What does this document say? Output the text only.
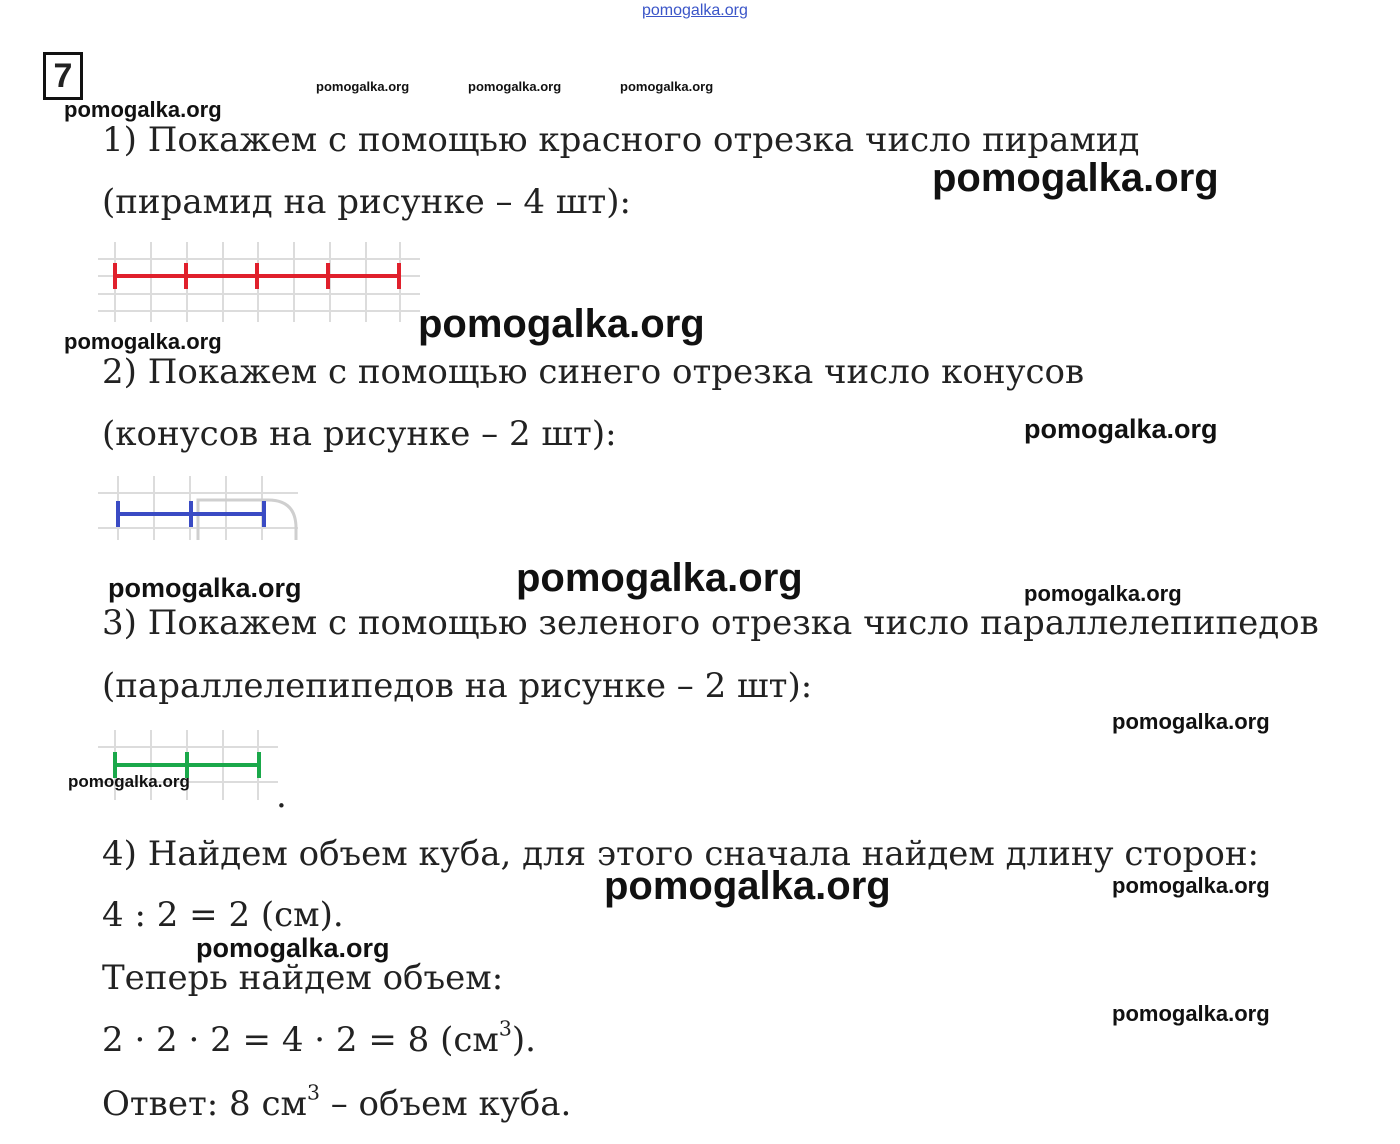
pomogalka.org
7	pomogalka.org	pomogalka.org	pomogalka.org
pomogalka.org
1) Покажем с помощью красного отрезка число пирамид
pomogalka.org
(пирамид на рисунке – 4 шт):
pomogalka.org
pomogalka.org
2) Покажем с помощью синего отрезка число конусов
pomogalka.org
(конусов на рисунке – 2 шт):
pomogalka.org	pomogalka.org	pomogalka.org
3) Покажем с помощью зеленого отрезка число параллелепипедов
(параллелепипедов на рисунке – 2 шт):
pomogalka.org
pomogalka.org	.
4) Найдем объем куба, для этого сначала найдем длину сторон:
pomogalka.org	pomogalka.org
4 : 2 = 2 (см).
pomogalka.org
Теперь найдем объем:
pomogalka.org
2 · 2 · 2 = 4 · 2 = 8 $(см^3)$.
Ответ: 8 $см^3$ – объем куба.
